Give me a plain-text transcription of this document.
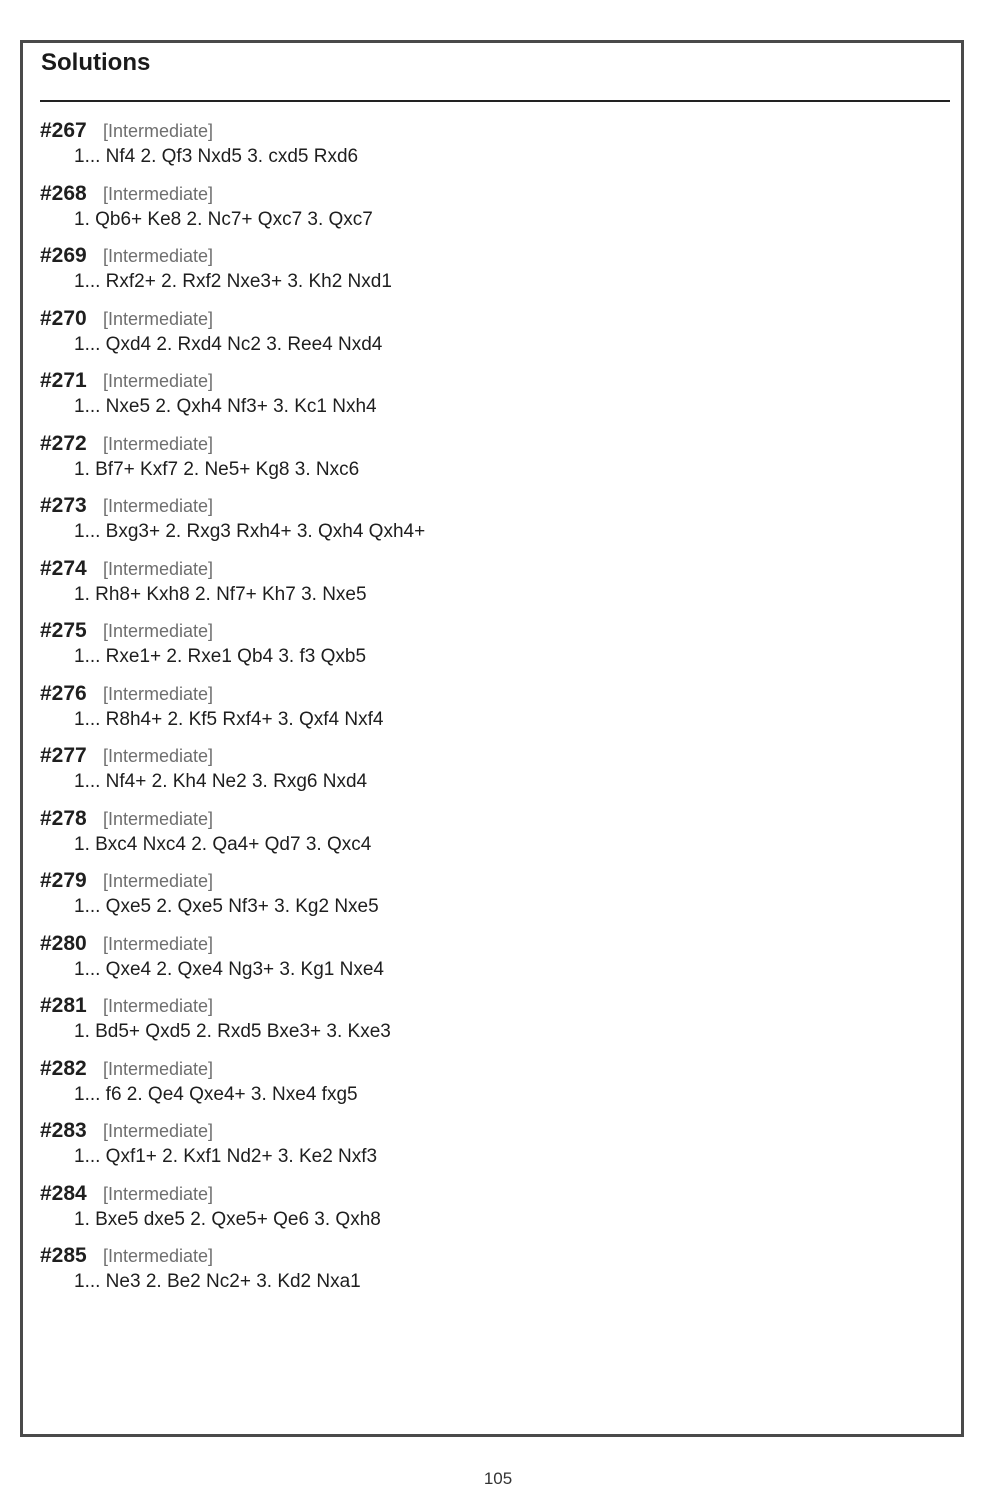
Solutions
#267 [Intermediate]
1... Nf4 2. Qf3 Nxd5 3. cxd5 Rxd6
#268 [Intermediate]
1. Qb6+ Ke8 2. Nc7+ Qxc7 3. Qxc7
#269 [Intermediate]
1... Rxf2+ 2. Rxf2 Nxe3+ 3. Kh2 Nxd1
#270 [Intermediate]
1... Qxd4 2. Rxd4 Nc2 3. Ree4 Nxd4
#271 [Intermediate]
1... Nxe5 2. Qxh4 Nf3+ 3. Kc1 Nxh4
#272 [Intermediate]
1. Bf7+ Kxf7 2. Ne5+ Kg8 3. Nxc6
#273 [Intermediate]
1... Bxg3+ 2. Rxg3 Rxh4+ 3. Qxh4 Qxh4+
#274 [Intermediate]
1. Rh8+ Kxh8 2. Nf7+ Kh7 3. Nxe5
#275 [Intermediate]
1... Rxe1+ 2. Rxe1 Qb4 3. f3 Qxb5
#276 [Intermediate]
1... R8h4+ 2. Kf5 Rxf4+ 3. Qxf4 Nxf4
#277 [Intermediate]
1... Nf4+ 2. Kh4 Ne2 3. Rxg6 Nxd4
#278 [Intermediate]
1. Bxc4 Nxc4 2. Qa4+ Qd7 3. Qxc4
#279 [Intermediate]
1... Qxe5 2. Qxe5 Nf3+ 3. Kg2 Nxe5
#280 [Intermediate]
1... Qxe4 2. Qxe4 Ng3+ 3. Kg1 Nxe4
#281 [Intermediate]
1. Bd5+ Qxd5 2. Rxd5 Bxe3+ 3. Kxe3
#282 [Intermediate]
1... f6 2. Qe4 Qxe4+ 3. Nxe4 fxg5
#283 [Intermediate]
1... Qxf1+ 2. Kxf1 Nd2+ 3. Ke2 Nxf3
#284 [Intermediate]
1. Bxe5 dxe5 2. Qxe5+ Qe6 3. Qxh8
#285 [Intermediate]
1... Ne3 2. Be2 Nc2+ 3. Kd2 Nxa1
105
